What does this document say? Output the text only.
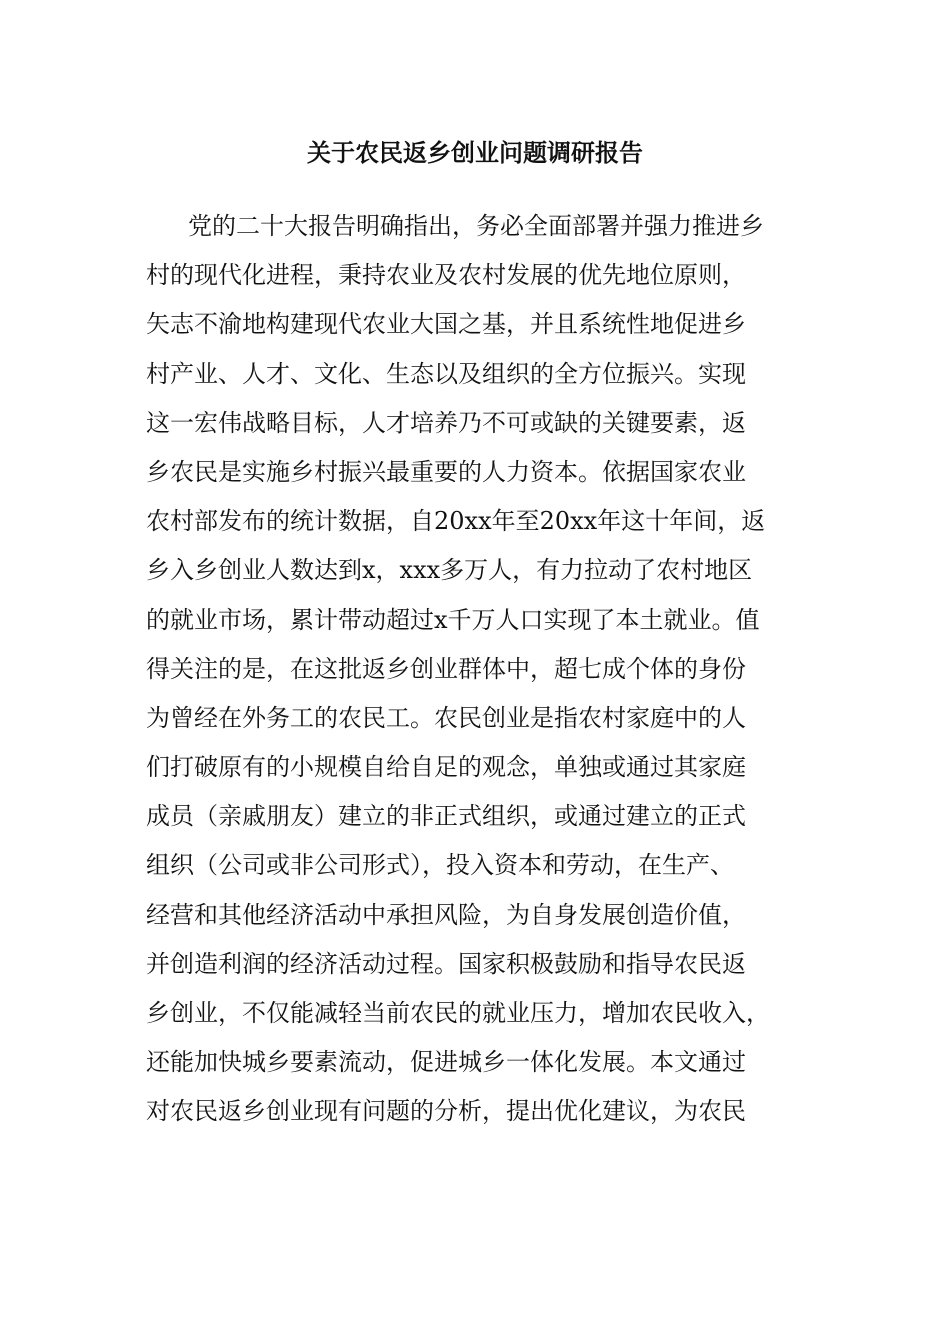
关于农民返乡创业问题调研报告
党的二十大报告明确指出，务必全面部署并强力推进乡
村的现代化进程，秉持农业及农村发展的优先地位原则，
矢志不渝地构建现代农业大国之基，并且系统性地促进乡
村产业、人才、文化、生态以及组织的全方位振兴。实现
这一宏伟战略目标，人才培养乃不可或缺的关键要素，返
乡农民是实施乡村振兴最重要的人力资本。依据国家农业
农村部发布的统计数据，自20xx年至20xx年这十年间，返
乡入乡创业人数达到x，xxx多万人，有力拉动了农村地区
的就业市场，累计带动超过x千万人口实现了本土就业。值
得关注的是，在这批返乡创业群体中，超七成个体的身份
为曾经在外务工的农民工。农民创业是指农村家庭中的人
们打破原有的小规模自给自足的观念，单独或通过其家庭
成员（亲戚朋友）建立的非正式组织，或通过建立的正式
组织（公司或非公司形式），投入资本和劳动，在生产、
经营和其他经济活动中承担风险，为自身发展创造价值，
并创造利润的经济活动过程。国家积极鼓励和指导农民返
乡创业，不仅能减轻当前农民的就业压力，增加农民收入，
还能加快城乡要素流动，促进城乡一体化发展。本文通过
对农民返乡创业现有问题的分析，提出优化建议，为农民
